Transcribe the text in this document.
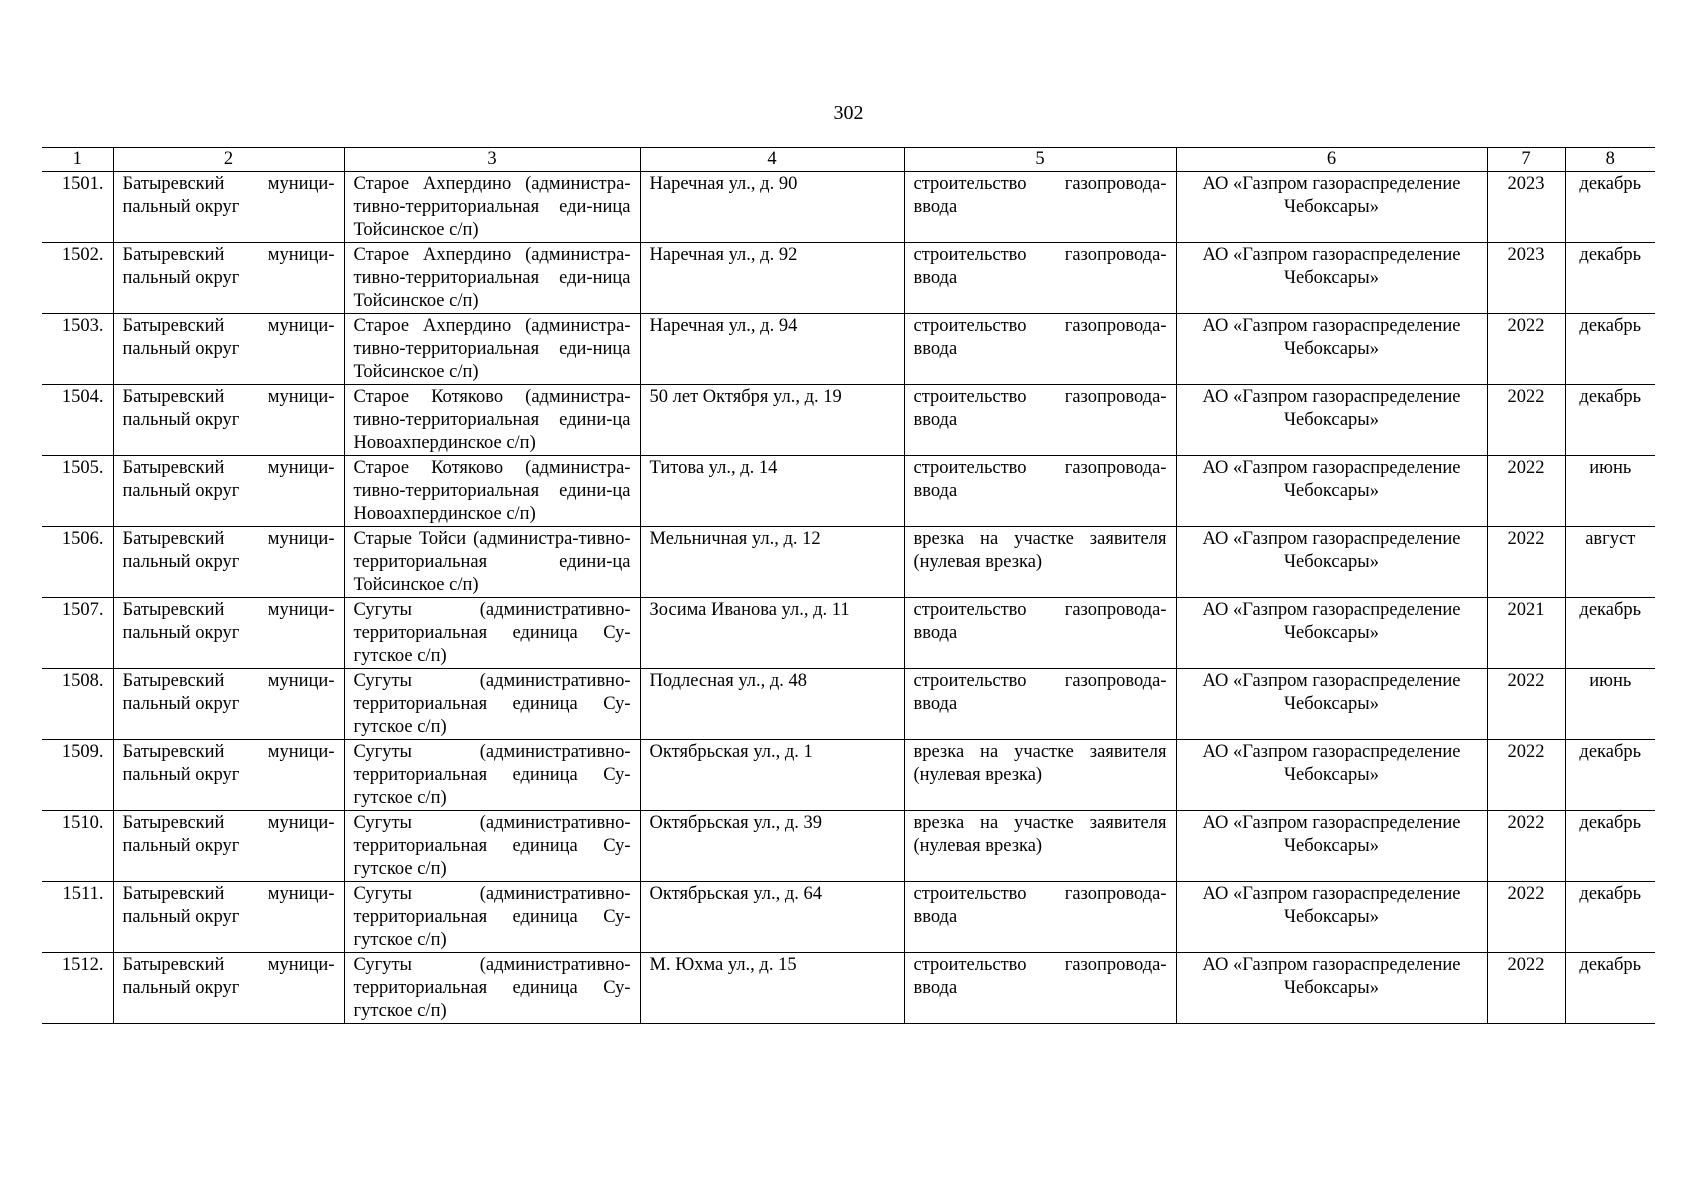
302
1	2	3	4	5	6	7	8
1501.	Батыревский муници-пальный округ	Старое Ахпердино (администра-тивно-территориальная еди-ница Тойсинское с/п)	Наречная ул., д. 90	строительство газопровода-ввода	АО «Газпром газораспределение Чебоксары»	2023	декабрь
1502.	Батыревский муници-пальный округ	Старое Ахпердино (администра-тивно-территориальная еди-ница Тойсинское с/п)	Наречная ул., д. 92	строительство газопровода-ввода	АО «Газпром газораспределение Чебоксары»	2023	декабрь
1503.	Батыревский муници-пальный округ	Старое Ахпердино (администра-тивно-территориальная еди-ница Тойсинское с/п)	Наречная ул., д. 94	строительство газопровода-ввода	АО «Газпром газораспределение Чебоксары»	2022	декабрь
1504.	Батыревский муници-пальный округ	Старое Котяково (администра-тивно-территориальная едини-ца Новоахпердинское с/п)	50 лет Октября ул., д. 19	строительство газопровода-ввода	АО «Газпром газораспределение Чебоксары»	2022	декабрь
1505.	Батыревский муници-пальный округ	Старое Котяково (администра-тивно-территориальная едини-ца Новоахпердинское с/п)	Титова ул., д. 14	строительство газопровода-ввода	АО «Газпром газораспределение Чебоксары»	2022	июнь
1506.	Батыревский муници-пальный округ	Старые Тойси (администра-тивно-территориальная едини-ца Тойсинское с/п)	Мельничная ул., д. 12	врезка на участке заявителя (нулевая врезка)	АО «Газпром газораспределение Чебоксары»	2022	август
1507.	Батыревский муници-пальный округ	Сугуты (административно-территориальная единица Су-гутское с/п)	Зосима Иванова ул., д. 11	строительство газопровода-ввода	АО «Газпром газораспределение Чебоксары»	2021	декабрь
1508.	Батыревский муници-пальный округ	Сугуты (административно-территориальная единица Су-гутское с/п)	Подлесная ул., д. 48	строительство газопровода-ввода	АО «Газпром газораспределение Чебоксары»	2022	июнь
1509.	Батыревский муници-пальный округ	Сугуты (административно-территориальная единица Су-гутское с/п)	Октябрьская ул., д. 1	врезка на участке заявителя (нулевая врезка)	АО «Газпром газораспределение Чебоксары»	2022	декабрь
1510.	Батыревский муници-пальный округ	Сугуты (административно-территориальная единица Су-гутское с/п)	Октябрьская ул., д. 39	врезка на участке заявителя (нулевая врезка)	АО «Газпром газораспределение Чебоксары»	2022	декабрь
1511.	Батыревский муници-пальный округ	Сугуты (административно-территориальная единица Су-гутское с/п)	Октябрьская ул., д. 64	строительство газопровода-ввода	АО «Газпром газораспределение Чебоксары»	2022	декабрь
1512.	Батыревский муници-пальный округ	Сугуты (административно-территориальная единица Су-гутское с/п)	М. Юхма ул., д. 15	строительство газопровода-ввода	АО «Газпром газораспределение Чебоксары»	2022	декабрь
